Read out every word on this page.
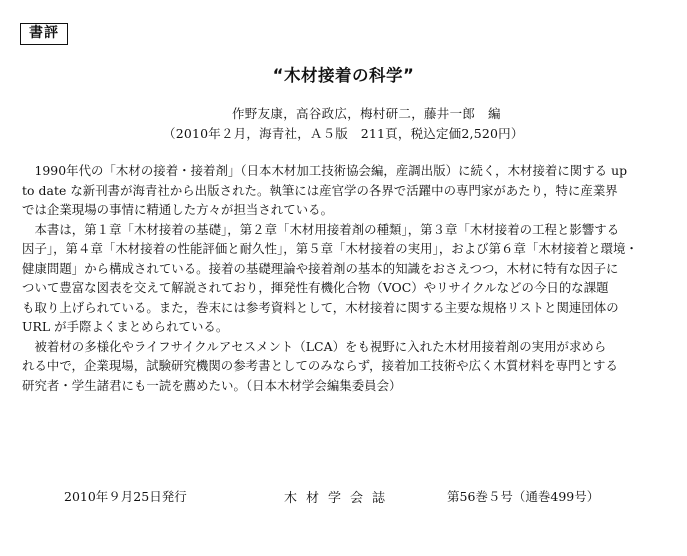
書評
“木材接着の科学”
作野友康，高谷政広，梅村研二，藤井一郎　編
（2010年２月，海青社，Ａ５版　211頁，税込定価2,520円）
　1990年代の「木材の接着・接着剤」（日本木材加工技術協会編，産調出版）に続く，木材接着に関する up
to date な新刊書が海青社から出版された。執筆には産官学の各界で活躍中の専門家があたり，特に産業界
では企業現場の事情に精通した方々が担当されている。
　本書は，第１章「木材接着の基礎」，第２章「木材用接着剤の種類」，第３章「木材接着の工程と影響する
因子」，第４章「木材接着の性能評価と耐久性」，第５章「木材接着の実用」，および第６章「木材接着と環境・
健康問題」から構成されている。接着の基礎理論や接着剤の基本的知識をおさえつつ，木材に特有な因子に
ついて豊富な図表を交えて解説されており，揮発性有機化合物（VOC）やリサイクルなどの今日的な課題
も取り上げられている。また，巻末には参考資料として，木材接着に関する主要な規格リストと関連団体の
URL が手際よくまとめられている。
　被着材の多様化やライフサイクルアセスメント（LCA）をも視野に入れた木材用接着剤の実用が求めら
れる中で，企業現場，試験研究機関の参考書としてのみならず，接着加工技術や広く木質材料を専門とする
研究者・学生諸君にも一読を薦めたい。（日本木材学会編集委員会）
2010年９月25日発行	木材学会誌	第56巻５号（通巻499号）
